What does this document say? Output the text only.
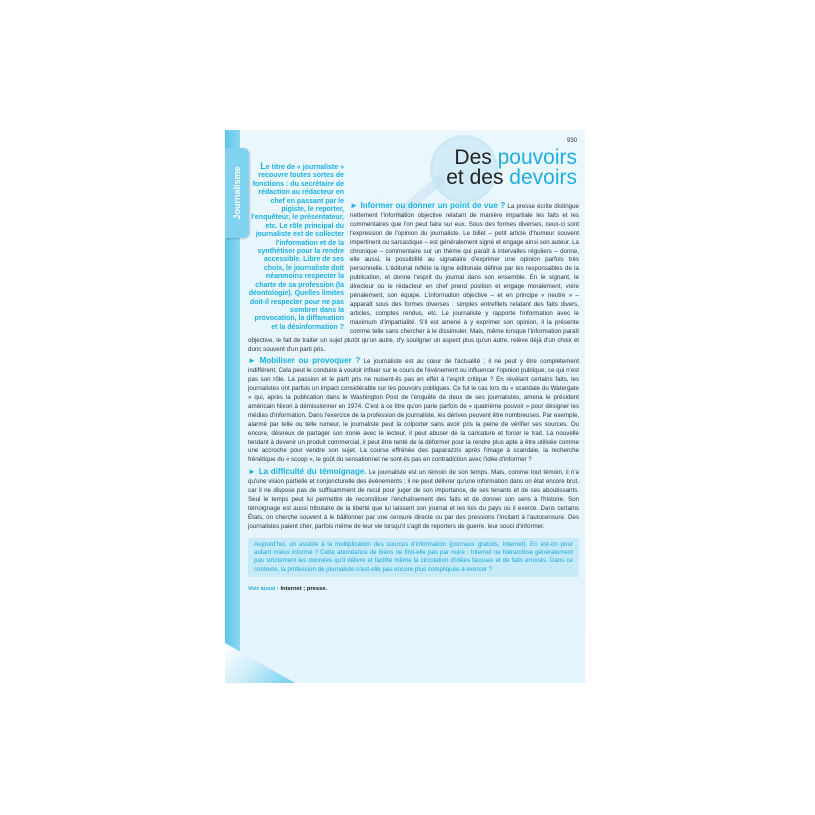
Journalisme
930
Des pouvoirs
et des devoirs
Le titre de « journaliste » recouvre toutes sortes de fonctions : du secrétaire de rédaction au rédacteur en chef en passant par le pigiste, le reporter, l'enquêteur, le présentateur, etc. Le rôle principal du journaliste est de collecter l'information et de la synthétiser pour la rendre accessible. Libre de ses choix, le journaliste doit néanmoins respecter la charte de sa profession (la déontologie). Quelles limites doit-il respecter pour ne pas sombrer dans la provocation, la diffamation et la désinformation ?

► Informer ou donner un point de vue ? La presse écrite distingue nettement l'information objective relatant de manière impartiale les faits et les commentaires que l'on peut faire sur eux. Sous des formes diverses, ceux-ci sont l'expression de l'opinion du journaliste. Le billet – petit article d'humeur souvent impertinent ou sarcastique – est généralement signé et engage ainsi son auteur. La chronique – commentaire sur un thème qui paraît à intervalles réguliers – donne, elle aussi, la possibilité au signataire d'exprimer une opinion parfois très personnelle. L'éditorial reflète la ligne éditoriale définie par les responsables de la publication, et donne l'esprit du journal dans son ensemble. En le signant, le directeur ou le rédacteur en chef prend position et engage moralement, voire pénalement, son équipe. L'information objective – et en principe « neutre » – apparaît sous des formes diverses : simples entrefilets relatant des faits divers, articles, comptes rendus, etc. Le journaliste y rapporte l'information avec le maximum d'impartialité. S'il est amené à y exprimer son opinion, il la présente comme telle sans chercher à le dissimuler. Mais, même lorsque l'information paraît objective, le fait de traiter un sujet plutôt qu'un autre, d'y souligner un aspect plus qu'un autre, relève déjà d'un choix et donc souvent d'un parti pris.

► Mobiliser ou provoquer ? Le journaliste est au cœur de l'actualité ; il ne peut y être complètement indifférent. Cela peut le conduire à vouloir influer sur le cours de l'événement ou influencer l'opinion publique, ce qui n'est pas son rôle. La passion et le parti pris ne nuisent-ils pas en effet à l'esprit critique ? En révélant certains faits, les journalistes ont parfois un impact considérable sur les pouvoirs politiques. Ce fut le cas lors du « scandale du Watergate » qui, après la publication dans le Washington Post de l'enquête de deux de ses journalistes, amena le président américain Nixon à démissionner en 1974. C'est à ce titre qu'on parle parfois de « quatrième pouvoir » pour désigner les médias d'information. Dans l'exercice de la profession de journaliste, les dérives peuvent être nombreuses. Par exemple, alarmé par telle ou telle rumeur, le journaliste peut la colporter sans avoir pris la peine de vérifier ses sources. Ou encore, désireux de partager son ironie avec le lecteur, il peut abuser de la caricature et forcer le trait. La nouvelle tendant à devenir un produit commercial, il peut être tenté de la déformer pour la rendre plus apte à être utilisée comme une accroche pour vendre son sujet. La course effrénée des paparazzis après l'image à scandale, la recherche frénétique du « scoop », le goût du sensationnel ne sont-ils pas en contradiction avec l'idée d'informer ?

► La difficulté du témoignage. Le journaliste est un témoin de son temps. Mais, comme tout témoin, il n'a qu'une vision partielle et conjoncturelle des événements ; il ne peut délivrer qu'une information dans un état encore brut, car il ne dispose pas de suffisamment de recul pour juger de son importance, de ses tenants et de ses aboutissants. Seul le temps peut lui permettre de reconstituer l'enchaînement des faits et de donner son sens à l'histoire. Son témoignage est aussi tributaire de la liberté que lui laissent son journal et les lois du pays où il exerce. Dans certains États, on cherche souvent à le bâillonner par une censure directe ou par des pressions l'incitant à l'autocensure. Des journalistes paient cher, parfois même de leur vie lorsqu'il s'agit de reporters de guerre, leur souci d'informer.

Aujourd'hui, on assiste à la multiplication des sources d'information (journaux gratuits, Internet). En est-on pour autant mieux informé ? Cette abondance de biens ne finit-elle pas par nuire : Internet ne hiérarchise généralement pas strictement les données qu'il délivre et facilite même la circulation d'idées fausses et de faits erronés. Dans ce contexte, la profession de journaliste n'est-elle pas encore plus compliquée à exercer ?
Voir aussi : Internet ; presse.
